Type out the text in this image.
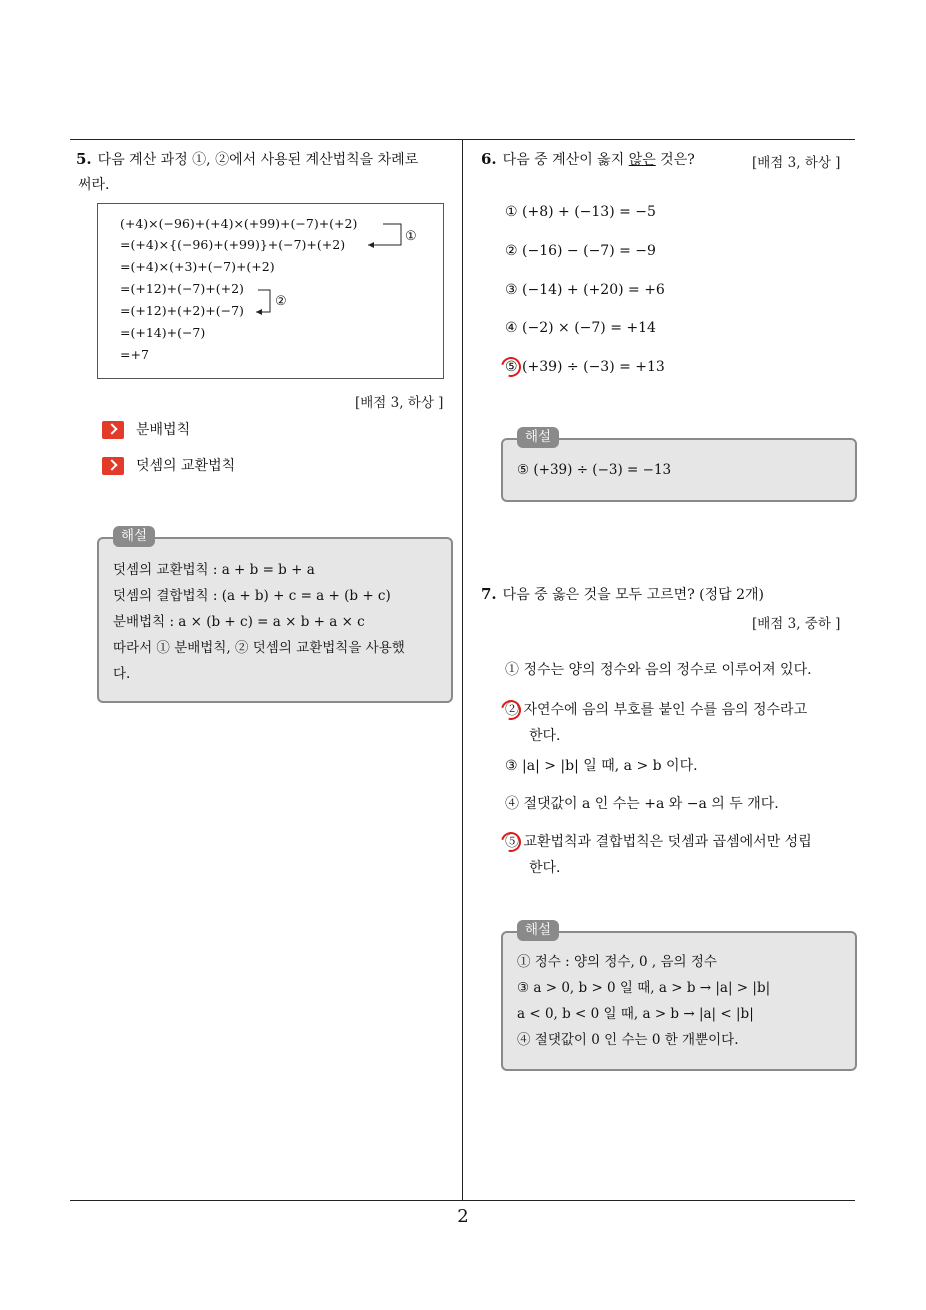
5. 다음 계산 과정 ①, ②에서 사용된 계산법칙을 차례로
써라.
(+4)×(−96)+(+4)×(+99)+(−7)+(+2)
=(+4)×{(−96)+(+99)}+(−7)+(+2)
=(+4)×(+3)+(−7)+(+2)
=(+12)+(−7)+(+2)
=(+12)+(+2)+(−7)
=(+14)+(−7)
=+7
①
②
[배점 3, 하상 ]
분배법칙
덧셈의 교환법칙
해설
덧셈의 교환법칙 : a + b = b + a
덧셈의 결합법칙 : (a + b) + c = a + (b + c)
분배법칙 : a × (b + c) = a × b + a × c
따라서 ① 분배법칙, ② 덧셈의 교환법칙을 사용했
다.
6. 다음 중 계산이 옳지 않은 것은?	[배점 3, 하상 ]
① (+8) + (−13) = −5
② (−16) − (−7) = −9
③ (−14) + (+20) = +6
④ (−2) × (−7) = +14
⑤ (+39) ÷ (−3) = +13
해설
⑤ (+39) ÷ (−3) = −13
7. 다음 중 옳은 것을 모두 고르면? (정답 2개)
[배점 3, 중하 ]
① 정수는 양의 정수와 음의 정수로 이루어져 있다.
② 자연수에 음의 부호를 붙인 수를 음의 정수라고
한다.
③ |a| > |b| 일 때, a > b 이다.
④ 절댓값이 a 인 수는 +a 와 −a 의 두 개다.
⑤ 교환법칙과 결합법칙은 덧셈과 곱셈에서만 성립
한다.
해설
① 정수 : 양의 정수, 0 , 음의 정수
③ a > 0, b > 0 일 때, a > b → |a| > |b|
a < 0, b < 0 일 때, a > b → |a| < |b|
④ 절댓값이 0 인 수는 0 한 개뿐이다.
2
